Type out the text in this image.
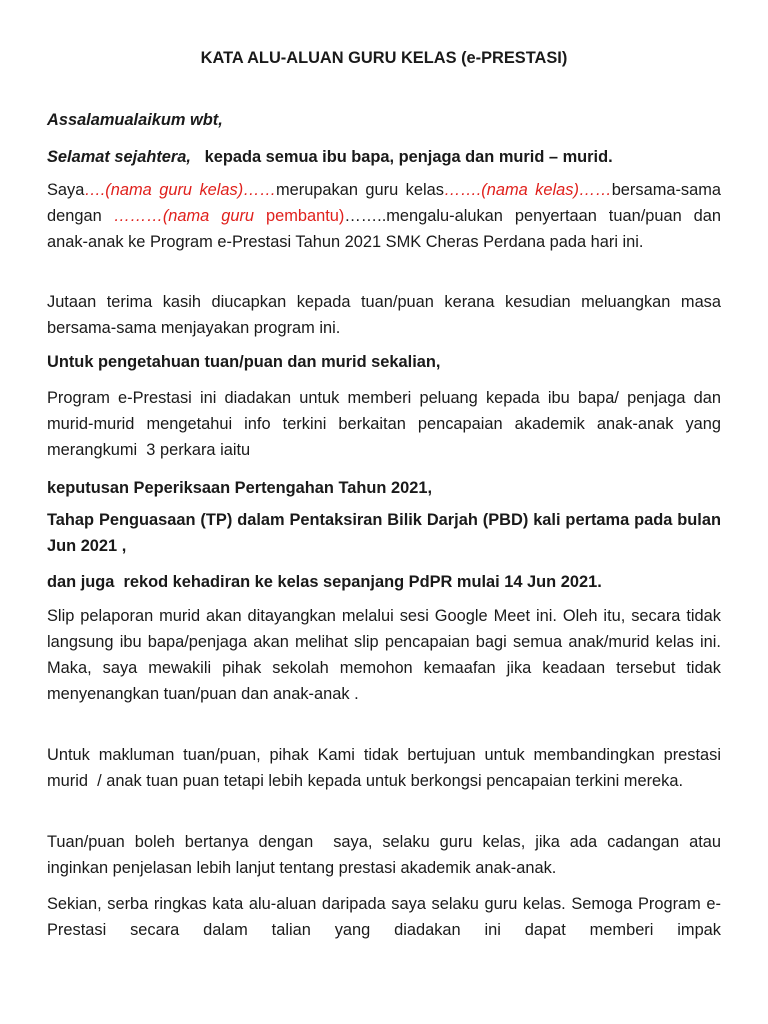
KATA ALU-ALUAN GURU KELAS (e-PRESTASI)

Assalamualaikum wbt,

Selamat sejahtera,   kepada semua ibu bapa, penjaga dan murid – murid.

Saya….(nama guru kelas)……merupakan guru kelas…….(nama kelas)……bersama-sama dengan ………(nama guru pembantu)……..mengalu-alukan penyertaan tuan/puan dan anak-anak ke Program e-Prestasi Tahun 2021 SMK Cheras Perdana pada hari ini.

Jutaan terima kasih diucapkan kepada tuan/puan kerana kesudian meluangkan masa bersama-sama menjayakan program ini.

Untuk pengetahuan tuan/puan dan murid sekalian,

Program e-Prestasi ini diadakan untuk memberi peluang kepada ibu bapa/ penjaga dan murid-murid mengetahui info terkini berkaitan pencapaian akademik anak-anak yang merangkumi  3 perkara iaitu

keputusan Peperiksaan Pertengahan Tahun 2021,

Tahap Penguasaan (TP) dalam Pentaksiran Bilik Darjah (PBD) kali pertama pada bulan Jun 2021 ,

dan juga  rekod kehadiran ke kelas sepanjang PdPR mulai 14 Jun 2021.

Slip pelaporan murid akan ditayangkan melalui sesi Google Meet ini. Oleh itu, secara tidak langsung ibu bapa/penjaga akan melihat slip pencapaian bagi semua anak/murid kelas ini. Maka, saya mewakili pihak sekolah memohon kemaafan jika keadaan tersebut tidak menyenangkan tuan/puan dan anak-anak .

Untuk makluman tuan/puan, pihak Kami tidak bertujuan untuk membandingkan prestasi murid  / anak tuan puan tetapi lebih kepada untuk berkongsi pencapaian terkini mereka.

Tuan/puan boleh bertanya dengan  saya, selaku guru kelas, jika ada cadangan atau inginkan penjelasan lebih lanjut tentang prestasi akademik anak-anak.

Sekian, serba ringkas kata alu-aluan daripada saya selaku guru kelas. Semoga Program e-Prestasi secara dalam talian yang diadakan ini dapat memberi impak
